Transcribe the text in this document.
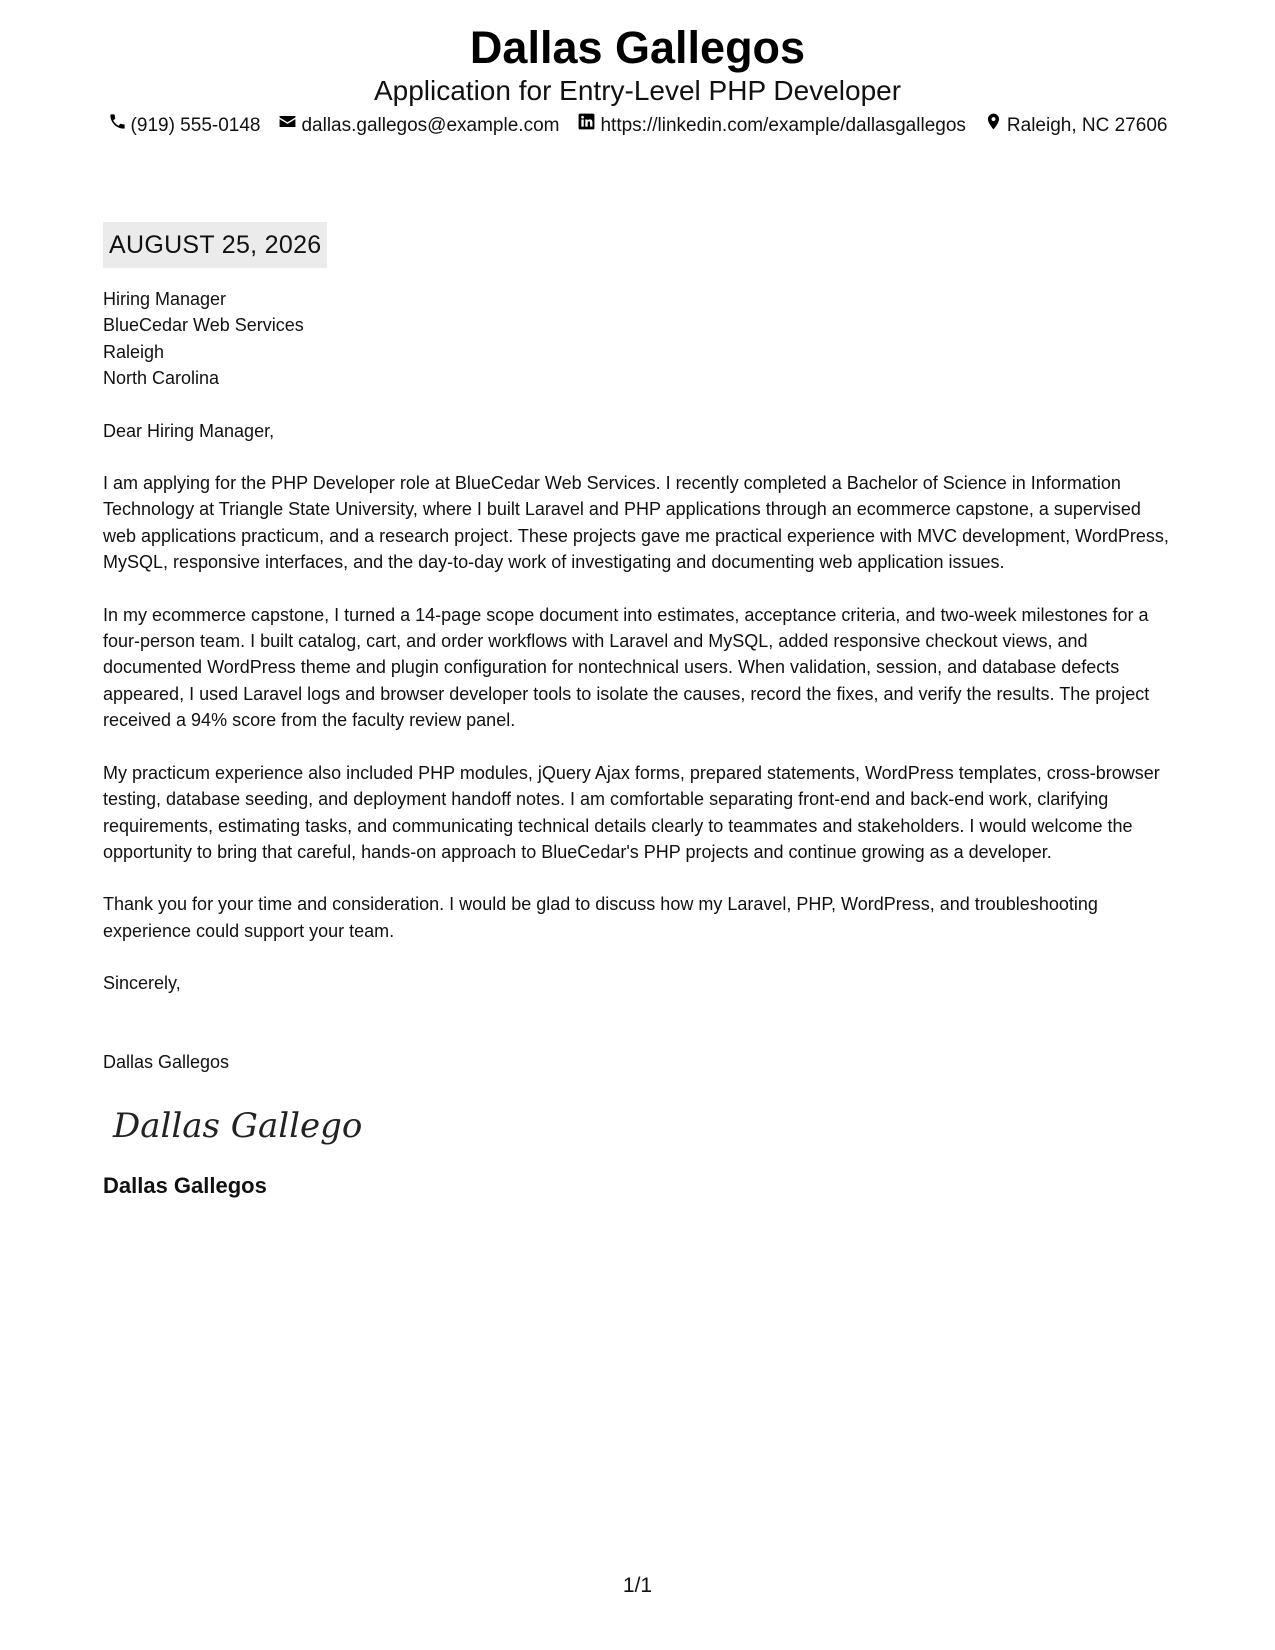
Dallas Gallegos
Application for Entry-Level PHP Developer
(919) 555-0148 dallas.gallegos@example.com https://linkedin.com/example/dallasgallegos Raleigh, NC 27606
AUGUST 25, 2026
Hiring Manager
BlueCedar Web Services
Raleigh
North Carolina

Dear Hiring Manager,

I am applying for the PHP Developer role at BlueCedar Web Services. I recently completed a Bachelor of Science in Information Technology at Triangle State University, where I built Laravel and PHP applications through an ecommerce capstone, a supervised web applications practicum, and a research project. These projects gave me practical experience with MVC development, WordPress, MySQL, responsive interfaces, and the day-to-day work of investigating and documenting web application issues.

In my ecommerce capstone, I turned a 14-page scope document into estimates, acceptance criteria, and two-week milestones for a four-person team. I built catalog, cart, and order workflows with Laravel and MySQL, added responsive checkout views, and documented WordPress theme and plugin configuration for nontechnical users. When validation, session, and database defects appeared, I used Laravel logs and browser developer tools to isolate the causes, record the fixes, and verify the results. The project received a 94% score from the faculty review panel.

My practicum experience also included PHP modules, jQuery Ajax forms, prepared statements, WordPress templates, cross-browser testing, database seeding, and deployment handoff notes. I am comfortable separating front-end and back-end work, clarifying requirements, estimating tasks, and communicating technical details clearly to teammates and stakeholders. I would welcome the opportunity to bring that careful, hands-on approach to BlueCedar's PHP projects and continue growing as a developer.

Thank you for your time and consideration. I would be glad to discuss how my Laravel, PHP, WordPress, and troubleshooting experience could support your team.

Sincerely,

Dallas Gallegos
Dallas Gallegos
Dallas Gallegos
1/1
